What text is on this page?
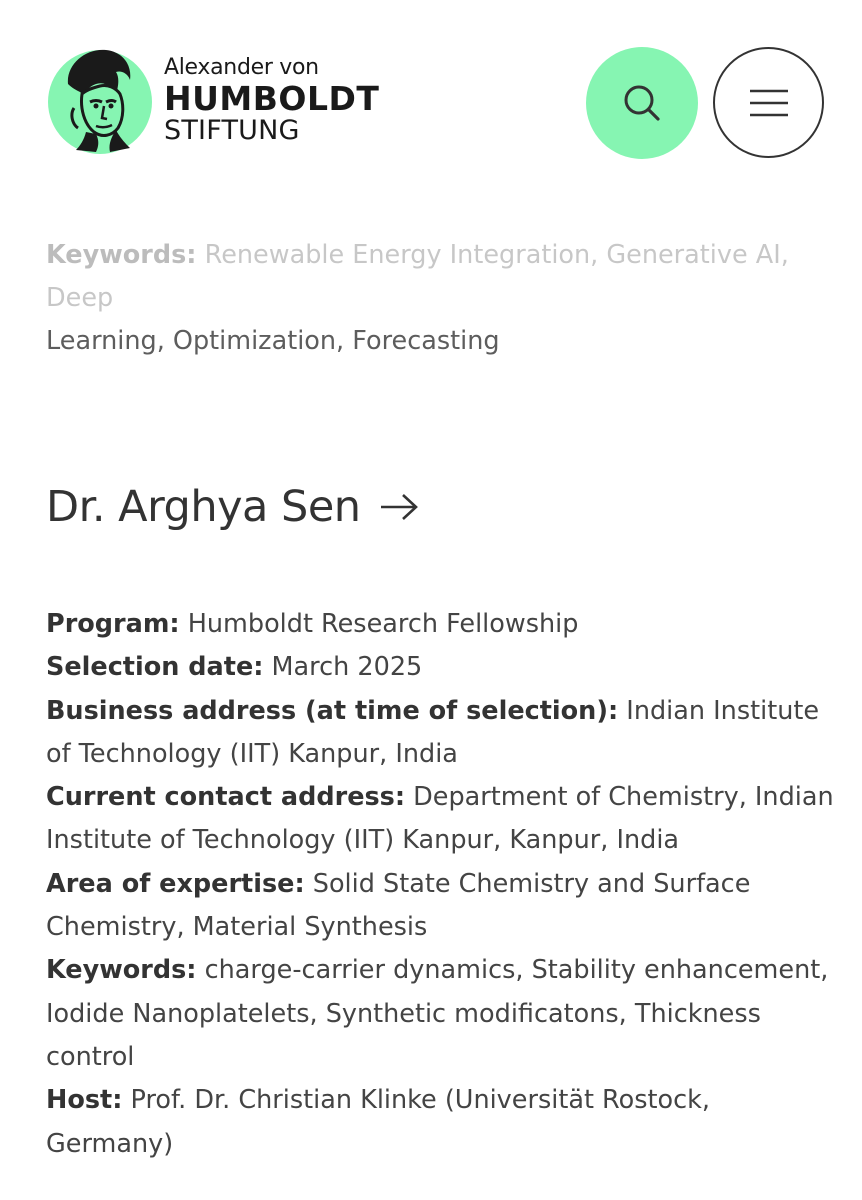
Alexander von
HUMBOLDT
STIFTUNG
Keywords: Renewable Energy Integration, Generative AI, Deep
Learning, Optimization, Forecasting
Dr. Arghya Sen

Program: Humboldt Research Fellowship

Selection date: March 2025

Business address (at time of selection): Indian Institute of Technology (IIT) Kanpur, India

Current contact address: Department of Chemistry, Indian Institute of Technology (IIT) Kanpur, Kanpur, India

Area of expertise: Solid State Chemistry and Surface Chemistry, Material Synthesis

Keywords: charge-carrier dynamics, Stability enhancement, Iodide Nanoplatelets, Synthetic modificatons, Thickness control

Host: Prof. Dr. Christian Klinke (Universität Rostock, Germany)
